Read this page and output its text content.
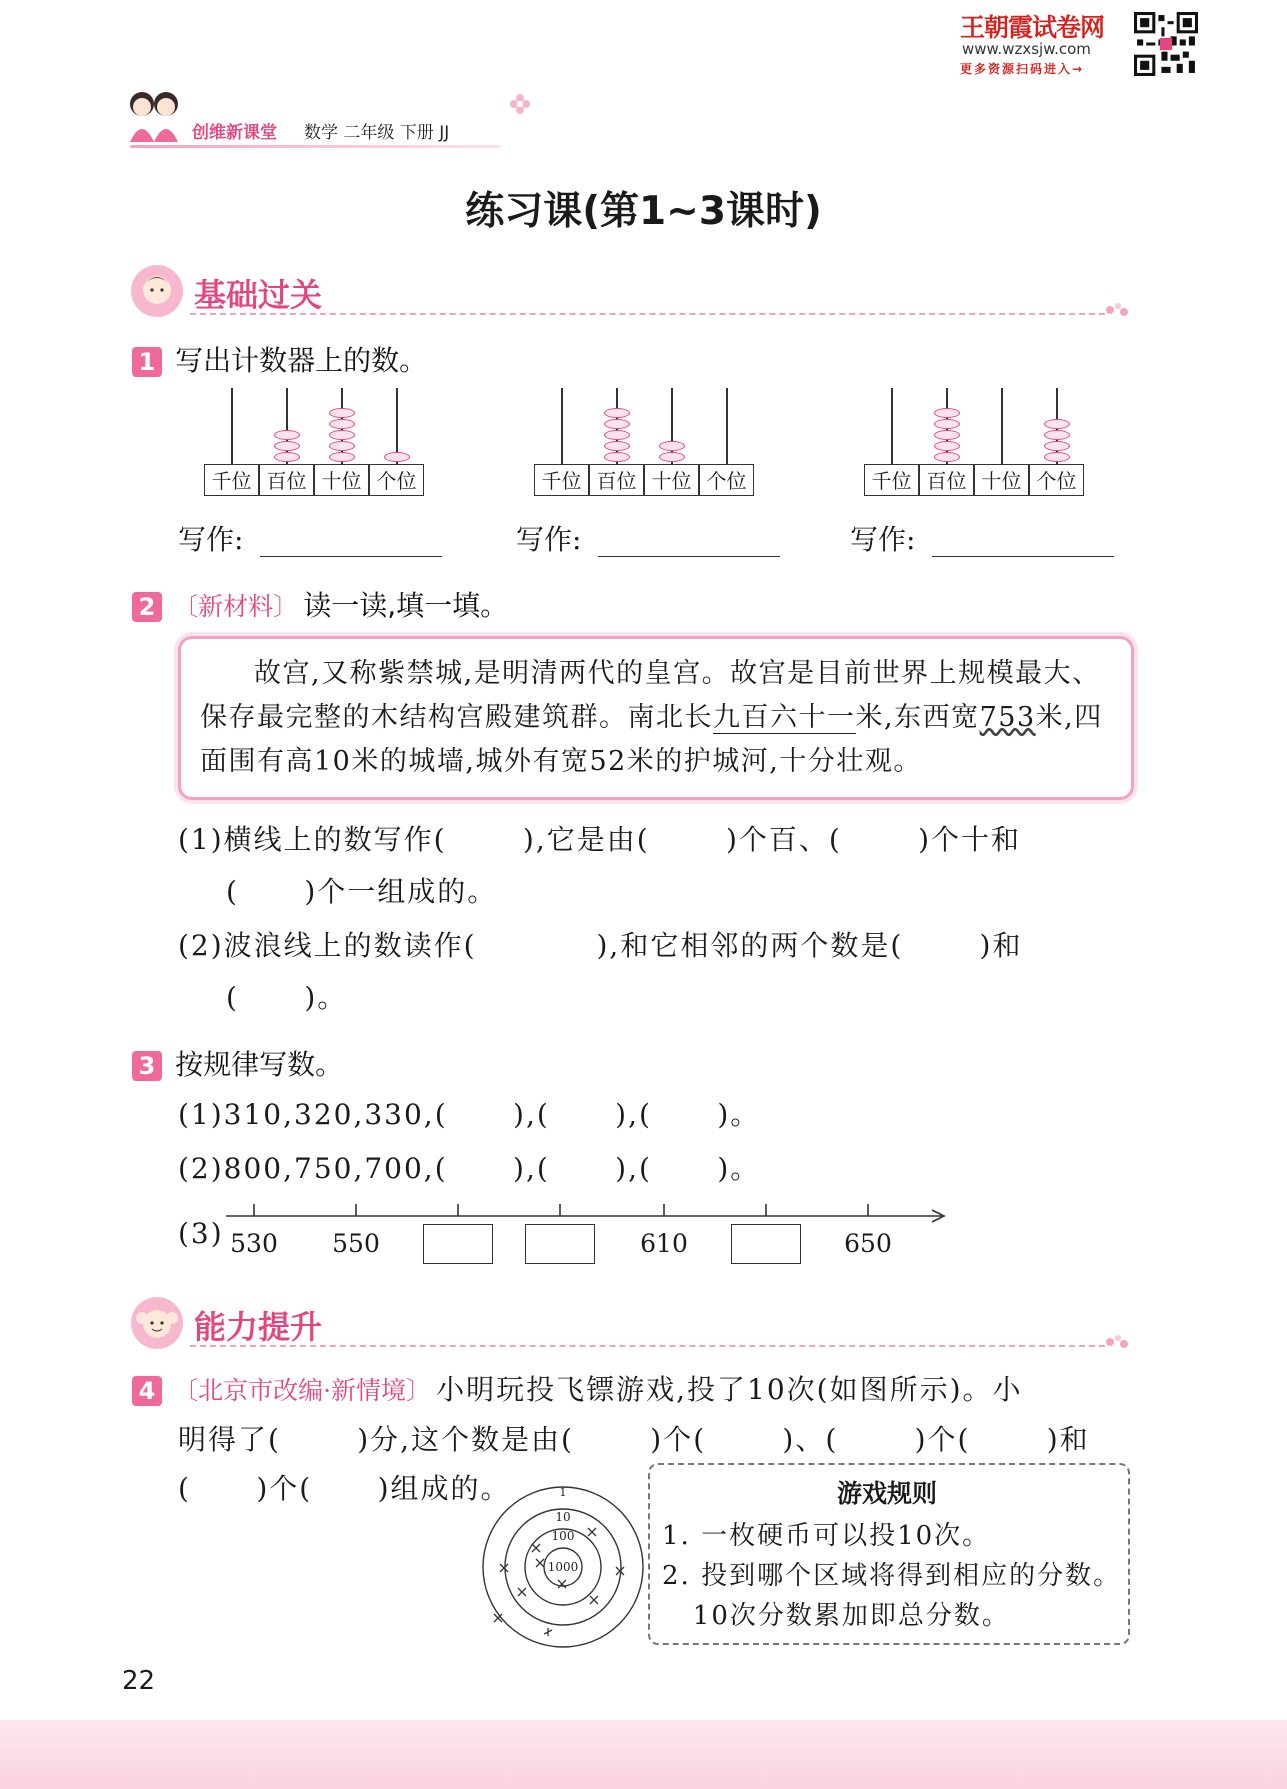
王朝霞试卷网
www.wzxsjw.com
更多资源扫码进入→
创维新课堂 数学 二年级 下册 JJ
练习课(第1~3课时)
基础过关
1 写出计数器上的数。
千位 百位 十位 个位	千位 百位 十位 个位	千位 百位 十位 个位
写作:	写作:	写作:
2 〔新材料〕 读一读,填一填。
故宫,又称紫禁城,是明清两代的皇宫。故宫是目前世界上规模最大、保存最完整的木结构宫殿建筑群。南北长九百六十一米,东西宽753米,四面围有高10米的城墙,城外有宽52米的护城河,十分壮观。
(1)横线上的数写作(       ),它是由(       )个百、(       )个十和
(      )个一组成的。
(2)波浪线上的数读作(           ),和它相邻的两个数是(       )和
(      )。
3 按规律写数。
(1)310,320,330,(      ),(      ),(      )。
(2)800,750,700,(      ),(      ),(      )。
(3) 530 550	610	650
能力提升
4 〔北京市改编·新情境〕 小明玩投飞镖游戏,投了10次(如图所示)。小
明得了(       )分,这个数是由(       )个(       )、(       )个(       )和
(      )个(      )组成的。	1
10
100
1000
游戏规则
1. 一枚硬币可以投10次。
2. 投到哪个区域将得到相应的分数。
10次分数累加即总分数。
22
